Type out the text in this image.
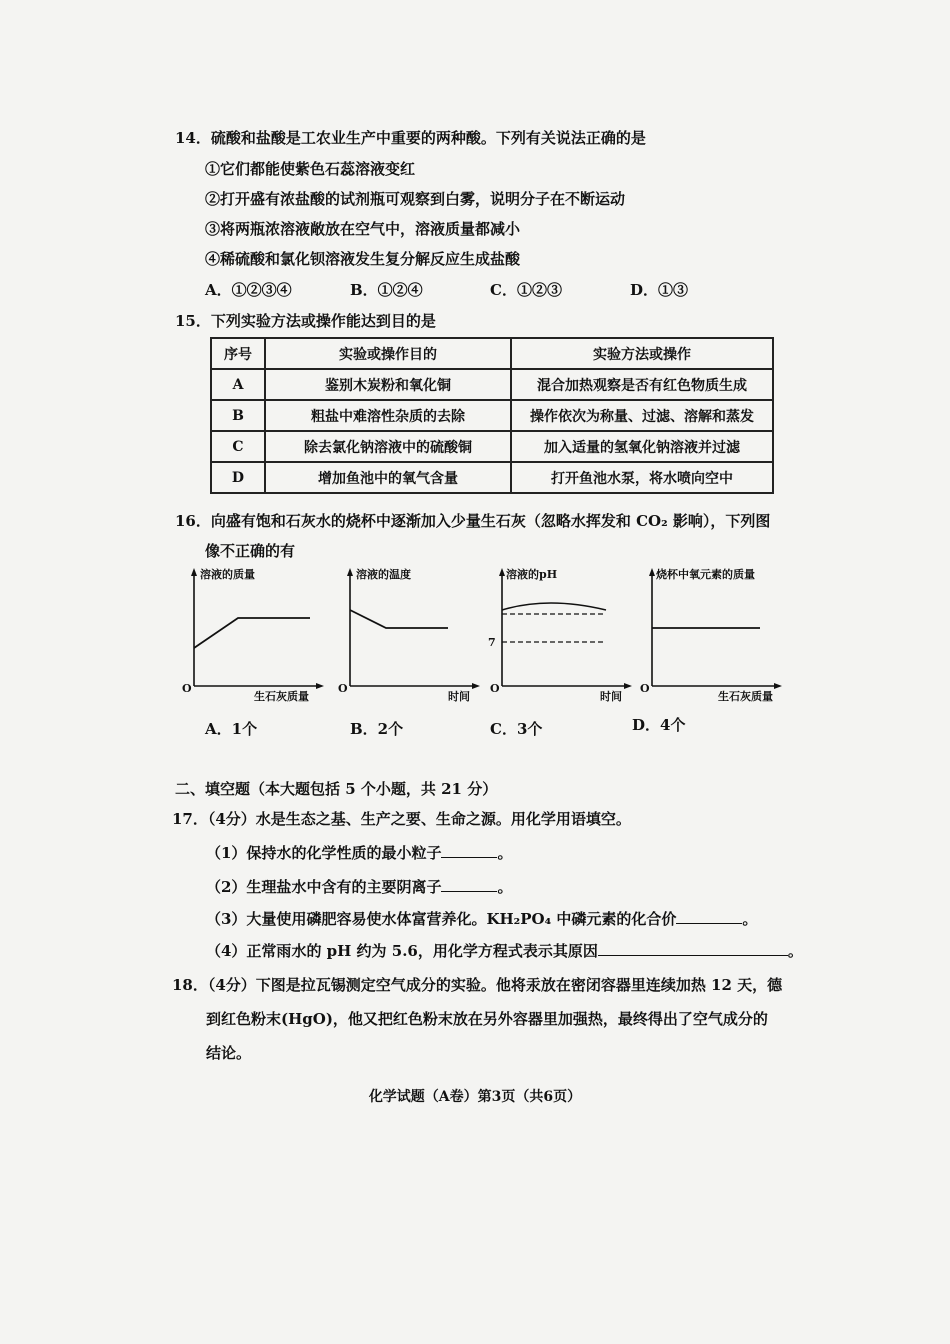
14．硫酸和盐酸是工农业生产中重要的两种酸。下列有关说法正确的是
①它们都能使紫色石蕊溶液变红
②打开盛有浓盐酸的试剂瓶可观察到白雾，说明分子在不断运动
③将两瓶浓溶液敞放在空气中，溶液质量都减小
④稀硫酸和氯化钡溶液发生复分解反应生成盐酸
A．①②③④	B．①②④	C．①②③	D．①③
15．下列实验方法或操作能达到目的是
序号	实验或操作目的	实验方法或操作
A	鉴别木炭粉和氧化铜	混合加热观察是否有红色物质生成
B	粗盐中难溶性杂质的去除	操作依次为称量、过滤、溶解和蒸发
C	除去氯化钠溶液中的硫酸铜	加入适量的氢氧化钠溶液并过滤
D	增加鱼池中的氧气含量	打开鱼池水泵，将水喷向空中
16．向盛有饱和石灰水的烧杯中逐渐加入少量生石灰（忽略水挥发和 CO₂ 影响），下列图
像不正确的有
溶液的质量
O
生石灰质量
溶液的温度
O
时间
溶液的pH
7
O
时间
烧杯中氧元素的质量
O
生石灰质量
A．1个	B．2个	C．3个	D．4个
二、填空题（本大题包括 5 个小题，共 21 分）
17．（4分）水是生态之基、生产之要、生命之源。用化学用语填空。
（1）保持水的化学性质的最小粒子	。
（2）生理盐水中含有的主要阴离子	。
（3）大量使用磷肥容易使水体富营养化。KH₂PO₄ 中磷元素的化合价	。
（4）正常雨水的 pH 约为 5.6，用化学方程式表示其原因	。
18．（4分）下图是拉瓦锡测定空气成分的实验。他将汞放在密闭容器里连续加热 12 天，德
到红色粉末(HgO)，他又把红色粉末放在另外容器里加强热，最终得出了空气成分的
结论。
化学试题（A卷）第3页（共6页）
